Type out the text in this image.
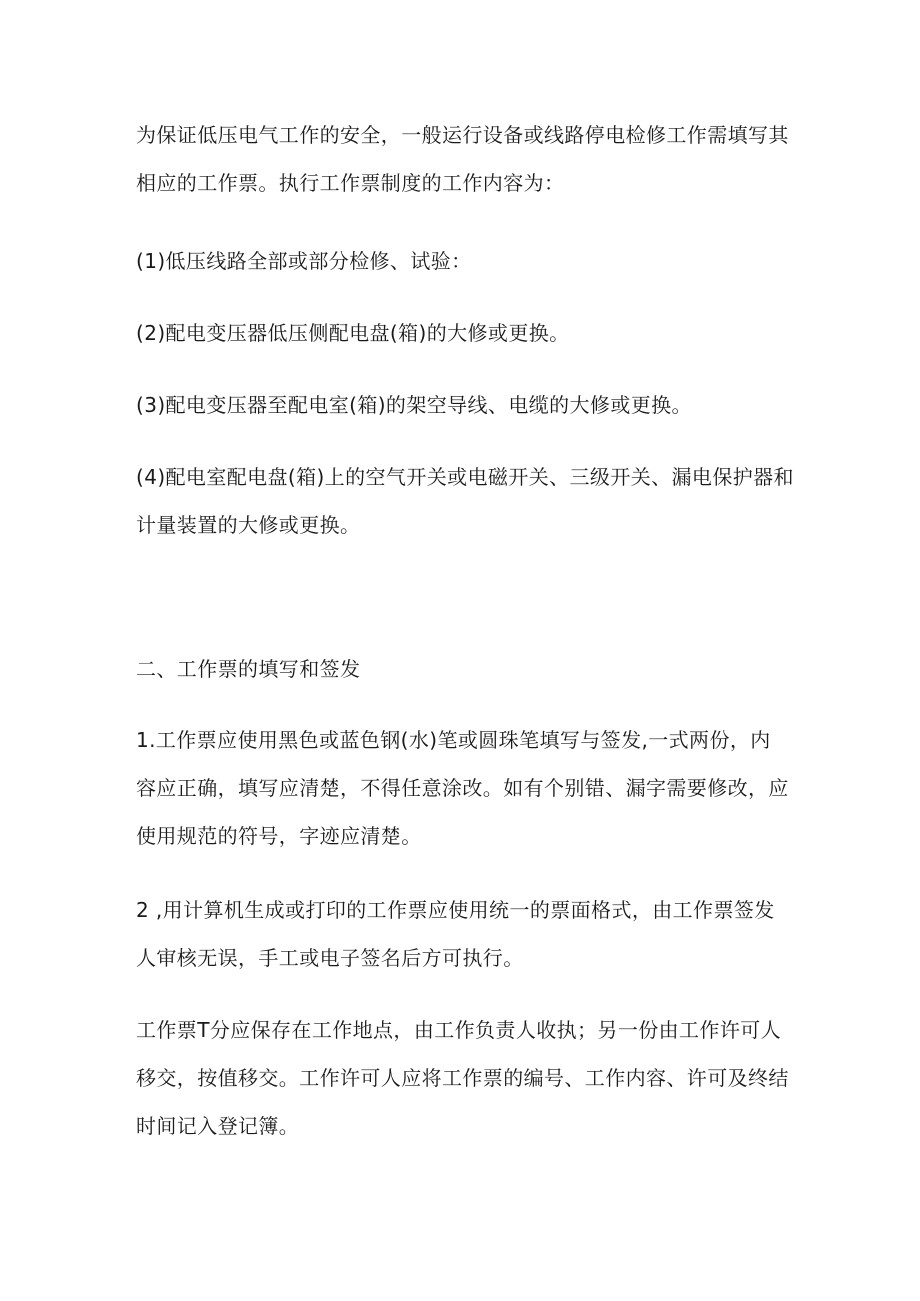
为保证低压电气工作的安全，一般运行设备或线路停电检修工作需填写其
相应的工作票。执行工作票制度的工作内容为：

(1)低压线路全部或部分检修、试验：

(2)配电变压器低压侧配电盘(箱)的大修或更换。

(3)配电变压器至配电室(箱)的架空导线、电缆的大修或更换。

(4)配电室配电盘(箱)上的空气开关或电磁开关、三级开关、漏电保护器和
计量装置的大修或更换。

二、工作票的填写和签发

1.工作票应使用黑色或蓝色钢(水)笔或圆珠笔填写与签发,一式两份，内
容应正确，填写应清楚，不得任意涂改。如有个别错、漏字需要修改，应
使用规范的符号，字迹应清楚。

2 ,用计算机生成或打印的工作票应使用统一的票面格式，由工作票签发
人审核无误，手工或电子签名后方可执行。

工作票T分应保存在工作地点，由工作负责人收执；另一份由工作许可人
移交，按值移交。工作许可人应将工作票的编号、工作内容、许可及终结
时间记入登记簿。
